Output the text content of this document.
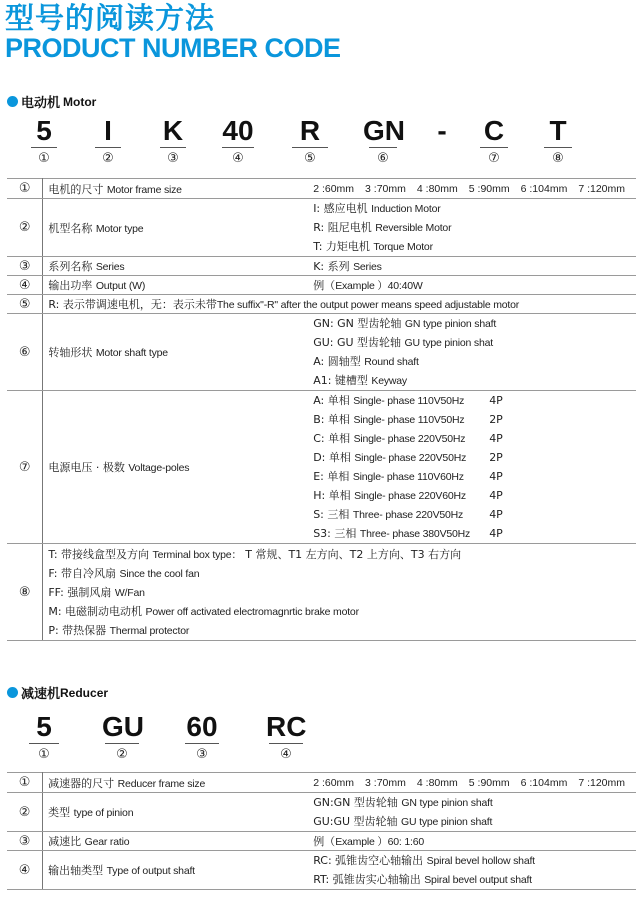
型号的阅读方法
PRODUCT NUMBER CODE
电动机 Motor
5
①
I
②
K
③
40
④
R
⑤
GN
⑥
-	C
⑦
T
⑧
①	电机的尺寸 Motor frame size	2 :60mm 3 :70mm 4 :80mm 5 :90mm 6 :104mm 7 :120mm
②	机型名称 Motor type	I: 感应电机 Induction Motor
R: 阻尼电机 Reversible Motor
T: 力矩电机 Torque Motor

③	系列名称 Series	K: 系列 Series
④	输出功率 Output (W)	例（Example ）40:40W
⑤	R: 表示带调速电机，无：表示未带The suffix"-R" after the output power means speed adjustable motor	
⑥	转轴形状 Motor shaft type	GN: GN 型齿轮轴 GN type pinion shaft
GU: GU 型齿轮轴 GU type pinion shat
A: 圆轴型 Round shaft
A1: 键槽型 Keyway

⑦	电源电压 · 极数 Voltage-poles	
A: 单相 Single- phase 110V50Hz 4P
B: 单相 Single- phase 110V50Hz 2P
C: 单相 Single- phase 220V50Hz 4P
D: 单相 Single- phase 220V50Hz 2P
E: 单相 Single- phase 110V60Hz 4P
H: 单相 Single- phase 220V60Hz 4P
S: 三相 Three- phase 220V50Hz 4P
S3: 三相 Three- phase 380V50Hz 4P

⑧	T: 带接线盒型及方向 Terminal box type： T 常规、T1 左方向、T2 上方向、T3 右方向
F: 带自冷风扇 Since the cool fan
FF: 强制风扇 W/Fan
M: 电磁制动电动机 Power off activated electromagnrtic brake motor
P: 带热保器 Thermal protector	
减速机 Reducer
5
①
GU
②
60
③
RC
④
①	减速器的尺寸 Reducer frame size	2 :60mm 3 :70mm 4 :80mm 5 :90mm 6 :104mm 7 :120mm
②	类型 type of pinion	GN:GN 型齿轮轴 GN type pinion shaft
GU:GU 型齿轮轴 GU type pinion shaft

③	减速比 Gear ratio	例（Example ）60: 1:60
④	输出轴类型 Type of output shaft	RC: 弧锥齿空心轴输出 Spiral bevel hollow shaft
RT: 弧锥齿实心轴输出 Spiral bevel output shaft
